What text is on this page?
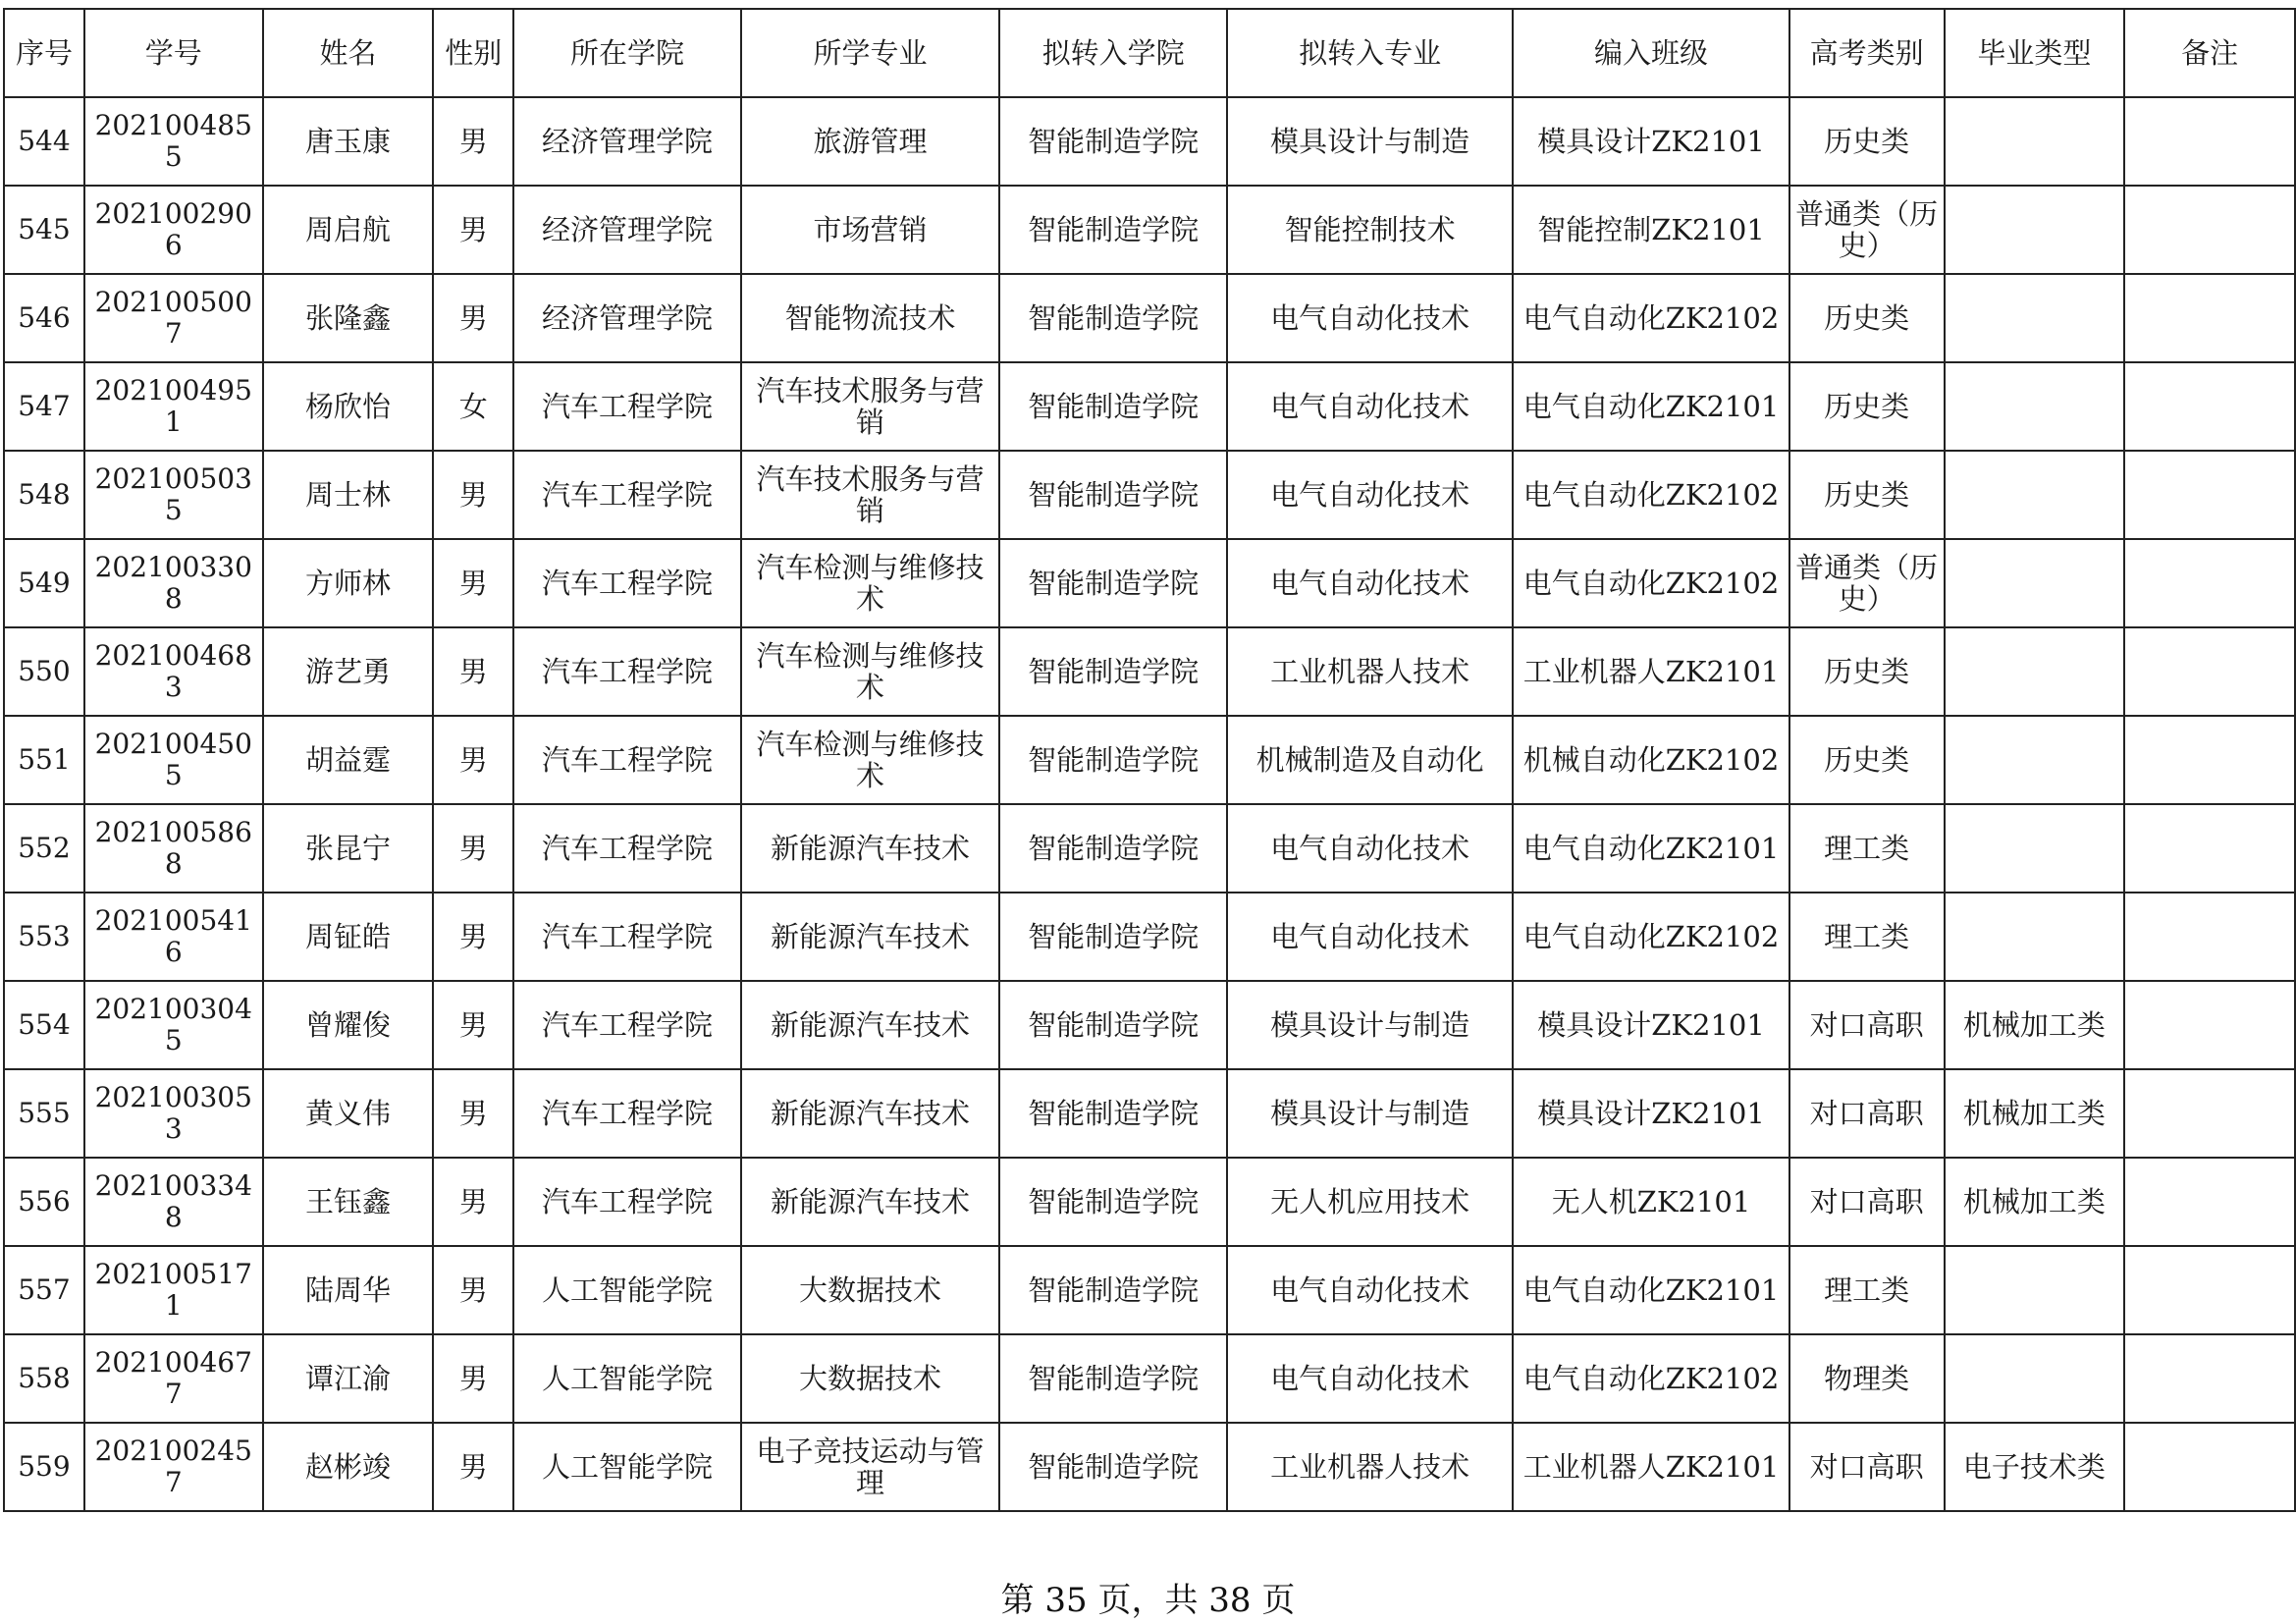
序号	学号	姓名	性别	所在学院	所学专业	拟转入学院	拟转入专业	编入班级	高考类别	毕业类型	备注
544	2021004855	唐玉康	男	经济管理学院	旅游管理	智能制造学院	模具设计与制造	模具设计ZK2101	历史类		
545	2021002906	周启航	男	经济管理学院	市场营销	智能制造学院	智能控制技术	智能控制ZK2101	普通类（历史）		
546	2021005007	张隆鑫	男	经济管理学院	智能物流技术	智能制造学院	电气自动化技术	电气自动化ZK2102	历史类		
547	2021004951	杨欣怡	女	汽车工程学院	汽车技术服务与营销	智能制造学院	电气自动化技术	电气自动化ZK2101	历史类		
548	2021005035	周士林	男	汽车工程学院	汽车技术服务与营销	智能制造学院	电气自动化技术	电气自动化ZK2102	历史类		
549	2021003308	方师林	男	汽车工程学院	汽车检测与维修技术	智能制造学院	电气自动化技术	电气自动化ZK2102	普通类（历史）		
550	2021004683	游艺勇	男	汽车工程学院	汽车检测与维修技术	智能制造学院	工业机器人技术	工业机器人ZK2101	历史类		
551	2021004505	胡益霆	男	汽车工程学院	汽车检测与维修技术	智能制造学院	机械制造及自动化	机械自动化ZK2102	历史类		
552	2021005868	张昆宁	男	汽车工程学院	新能源汽车技术	智能制造学院	电气自动化技术	电气自动化ZK2101	理工类		
553	2021005416	周钲皓	男	汽车工程学院	新能源汽车技术	智能制造学院	电气自动化技术	电气自动化ZK2102	理工类		
554	2021003045	曾耀俊	男	汽车工程学院	新能源汽车技术	智能制造学院	模具设计与制造	模具设计ZK2101	对口高职	机械加工类	
555	2021003053	黄义伟	男	汽车工程学院	新能源汽车技术	智能制造学院	模具设计与制造	模具设计ZK2101	对口高职	机械加工类	
556	2021003348	王钰鑫	男	汽车工程学院	新能源汽车技术	智能制造学院	无人机应用技术	无人机ZK2101	对口高职	机械加工类	
557	2021005171	陆周华	男	人工智能学院	大数据技术	智能制造学院	电气自动化技术	电气自动化ZK2101	理工类		
558	2021004677	谭江渝	男	人工智能学院	大数据技术	智能制造学院	电气自动化技术	电气自动化ZK2102	物理类		
559	2021002457	赵彬竣	男	人工智能学院	电子竞技运动与管理	智能制造学院	工业机器人技术	工业机器人ZK2101	对口高职	电子技术类	
第 35 页，共 38 页
